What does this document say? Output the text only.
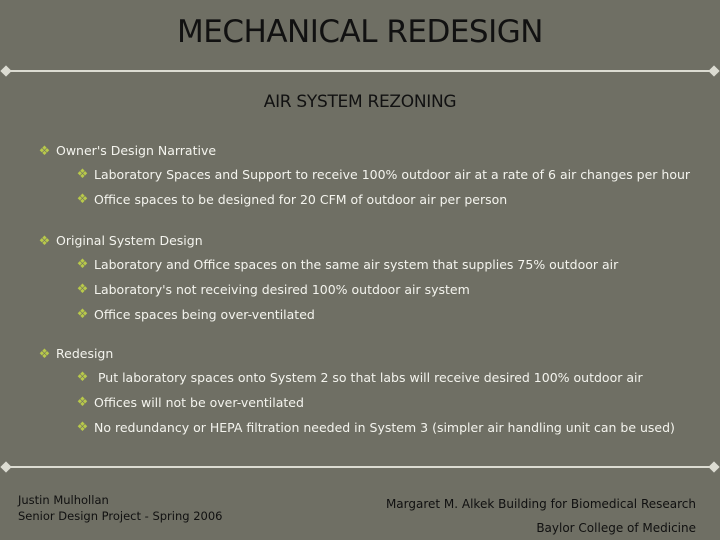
MECHANICAL REDESIGN
AIR SYSTEM REZONING
❖ Owner's Design Narrative
❖ Laboratory Spaces and Support to receive 100% outdoor air at a rate of 6 air changes per hour
❖ Office spaces to be designed for 20 CFM of outdoor air per person
❖ Original System Design
❖ Laboratory and Office spaces on the same air system that supplies 75% outdoor air
❖ Laboratory's not receiving desired 100% outdoor air system
❖ Office spaces being over-ventilated
❖ Redesign
❖ Put laboratory spaces onto System 2 so that labs will receive desired 100% outdoor air
❖ Offices will not be over-ventilated
❖ No redundancy or HEPA filtration needed in System 3 (simpler air handling unit can be used)
Justin Mulhollan
Senior Design Project - Spring 2006
Margaret M. Alkek Building for Biomedical Research
Baylor College of Medicine
